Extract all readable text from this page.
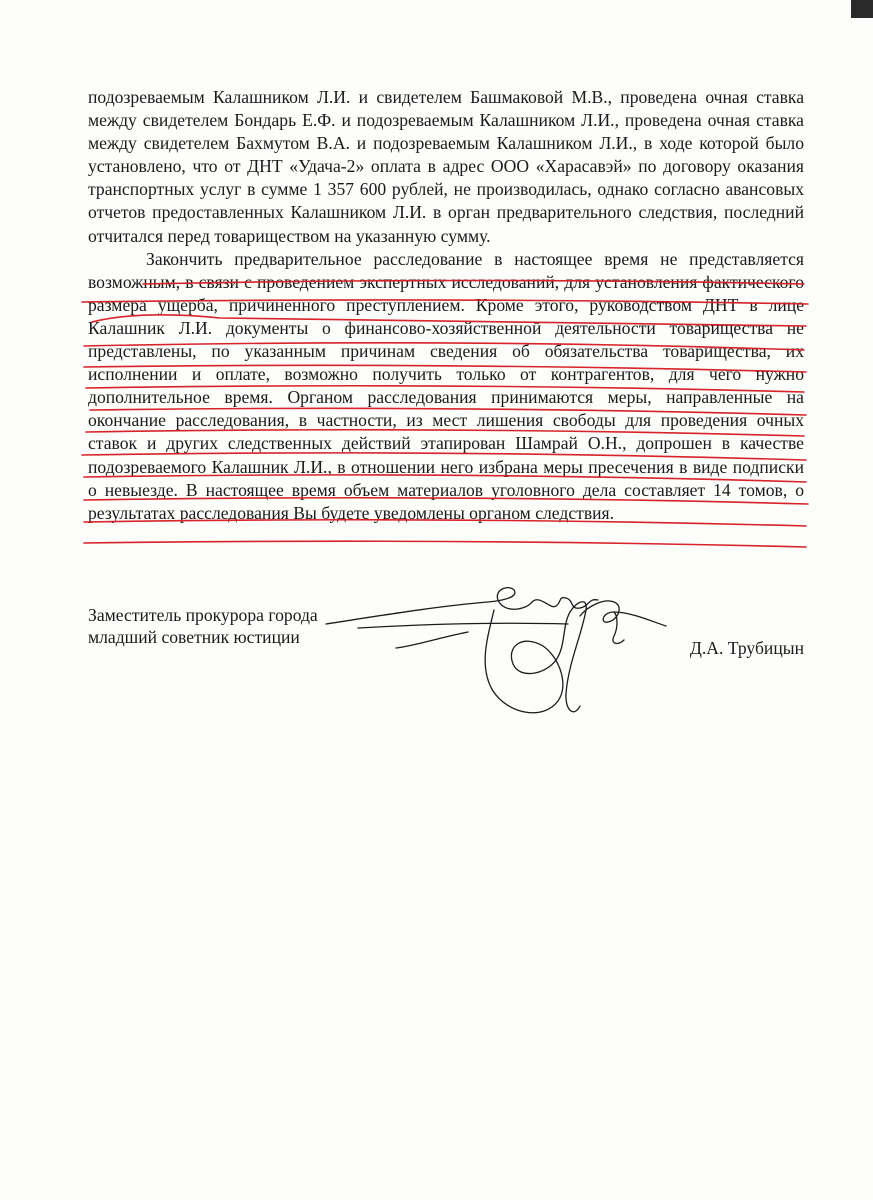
подозреваемым Калашником Л.И. и свидетелем Башмаковой М.В., проведена очная ставка между свидетелем Бондарь Е.Ф. и подозреваемым Калашником Л.И., проведена очная ставка между свидетелем Бахмутом В.А. и подозреваемым Калашником Л.И., в ходе которой было установлено, что от ДНТ «Удача-2» оплата в адрес ООО «Харасавэй» по договору оказания транспортных услуг в сумме 1 357 600 рублей, не производилась, однако согласно авансовых отчетов предоставленных Калашником Л.И. в орган предварительного следствия, последний отчитался перед товариществом на указанную сумму.

Закончить предварительное расследование в настоящее время не представляется возможным, в связи с проведением экспертных исследований, для установления фактического размера ущерба, причиненного преступлением. Кроме этого, руководством ДНТ в лице Калашник Л.И. документы о финансово-хозяйственной деятельности товарищества не представлены, по указанным причинам сведения об обязательства товарищества, их исполнении и оплате, возможно получить только от контрагентов, для чего нужно дополнительное время. Органом расследования принимаются меры, направленные на окончание расследования, в частности, из мест лишения свободы для проведения очных ставок и других следственных действий этапирован Шамрай О.Н., допрошен в качестве подозреваемого Калашник Л.И., в отношении него избрана меры пресечения в виде подписки о невыезде. В настоящее время объем материалов уголовного дела составляет 14 томов, о результатах расследования Вы будете уведомлены органом следствия.

Заместитель прокурора города
младший советник юстиции
Д.А. Трубицын
